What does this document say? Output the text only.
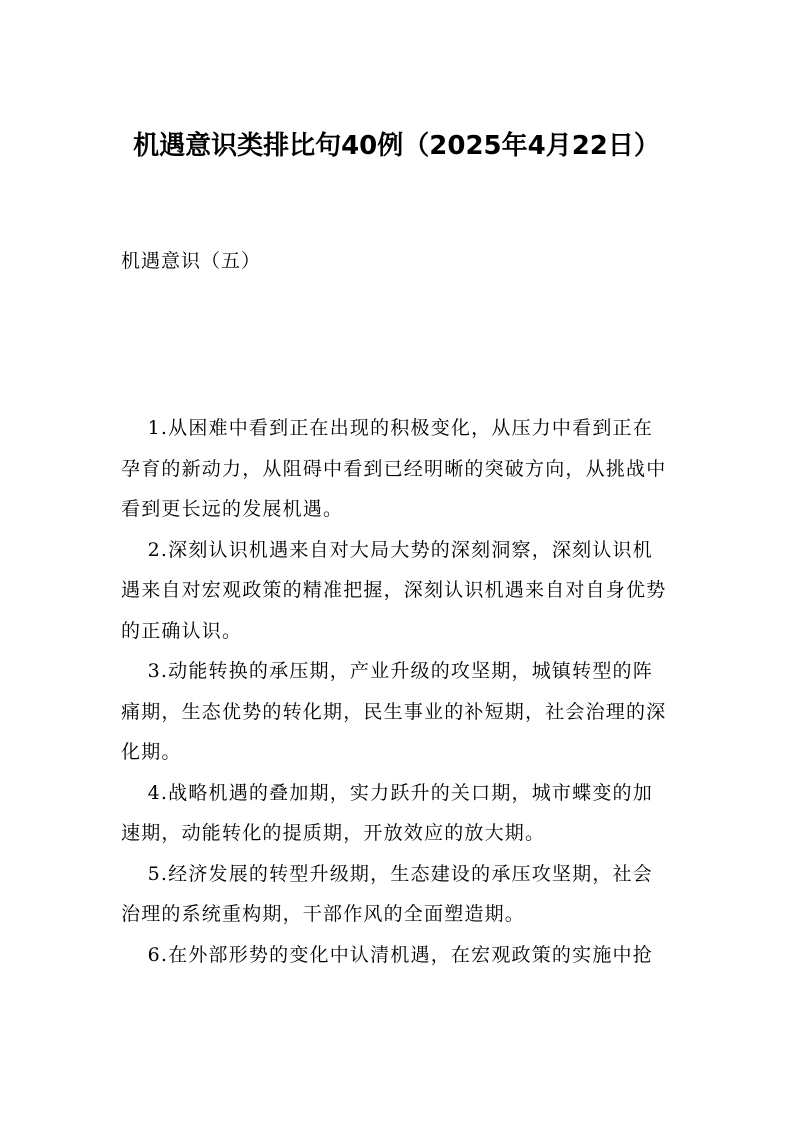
机遇意识类排比句40例（2025年4月22日）
机遇意识（五）

1.从困难中看到正在出现的积极变化，从压力中看到正在孕育的新动力，从阻碍中看到已经明晰的突破方向，从挑战中看到更长远的发展机遇。

2.深刻认识机遇来自对大局大势的深刻洞察，深刻认识机遇来自对宏观政策的精准把握，深刻认识机遇来自对自身优势的正确认识。

3.动能转换的承压期，产业升级的攻坚期，城镇转型的阵痛期，生态优势的转化期，民生事业的补短期，社会治理的深化期。

4.战略机遇的叠加期，实力跃升的关口期，城市蝶变的加速期，动能转化的提质期，开放效应的放大期。

5.经济发展的转型升级期，生态建设的承压攻坚期，社会治理的系统重构期，干部作风的全面塑造期。

6.在外部形势的变化中认清机遇，在宏观政策的实施中抢
